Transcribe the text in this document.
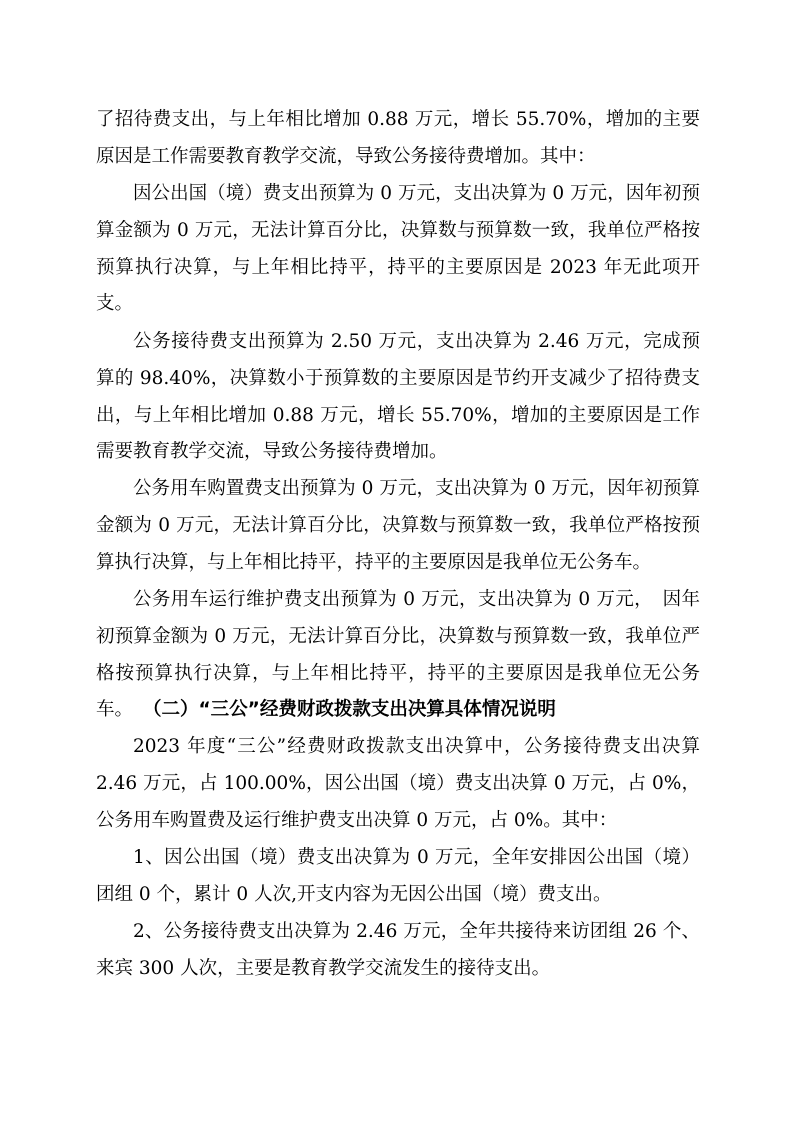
了招待费支出，与上年相比增加 0.88 万元，增长 55.70%，增加的主要原因是工作需要教育教学交流，导致公务接待费增加。其中：

因公出国（境）费支出预算为 0 万元，支出决算为 0 万元，因年初预算金额为 0 万元，无法计算百分比，决算数与预算数一致，我单位严格按预算执行决算，与上年相比持平，持平的主要原因是 2023 年无此项开支。

公务接待费支出预算为 2.50 万元，支出决算为 2.46 万元，完成预算的 98.40%，决算数小于预算数的主要原因是节约开支减少了招待费支出，与上年相比增加 0.88 万元，增长 55.70%，增加的主要原因是工作需要教育教学交流，导致公务接待费增加。

公务用车购置费支出预算为 0 万元，支出决算为 0 万元，因年初预算金额为 0 万元，无法计算百分比，决算数与预算数一致，我单位严格按预算执行决算，与上年相比持平，持平的主要原因是我单位无公务车。

公务用车运行维护费支出预算为 0 万元，支出决算为 0 万元，　因年初预算金额为 0 万元，无法计算百分比，决算数与预算数一致，我单位严格按预算执行决算，与上年相比持平，持平的主要原因是我单位无公务车。 （二）“三公”经费财政拨款支出决算具体情况说明

2023 年度“三公”经费财政拨款支出决算中，公务接待费支出决算 2.46 万元，占 100.00%，因公出国（境）费支出决算 0 万元，占 0%，公务用车购置费及运行维护费支出决算 0 万元，占 0%。其中：

1、因公出国（境）费支出决算为 0 万元，全年安排因公出国（境）团组 0 个，累计 0 人次,开支内容为无因公出国（境）费支出。

2、公务接待费支出决算为 2.46 万元，全年共接待来访团组 26 个、来宾 300 人次，主要是教育教学交流发生的接待支出。
